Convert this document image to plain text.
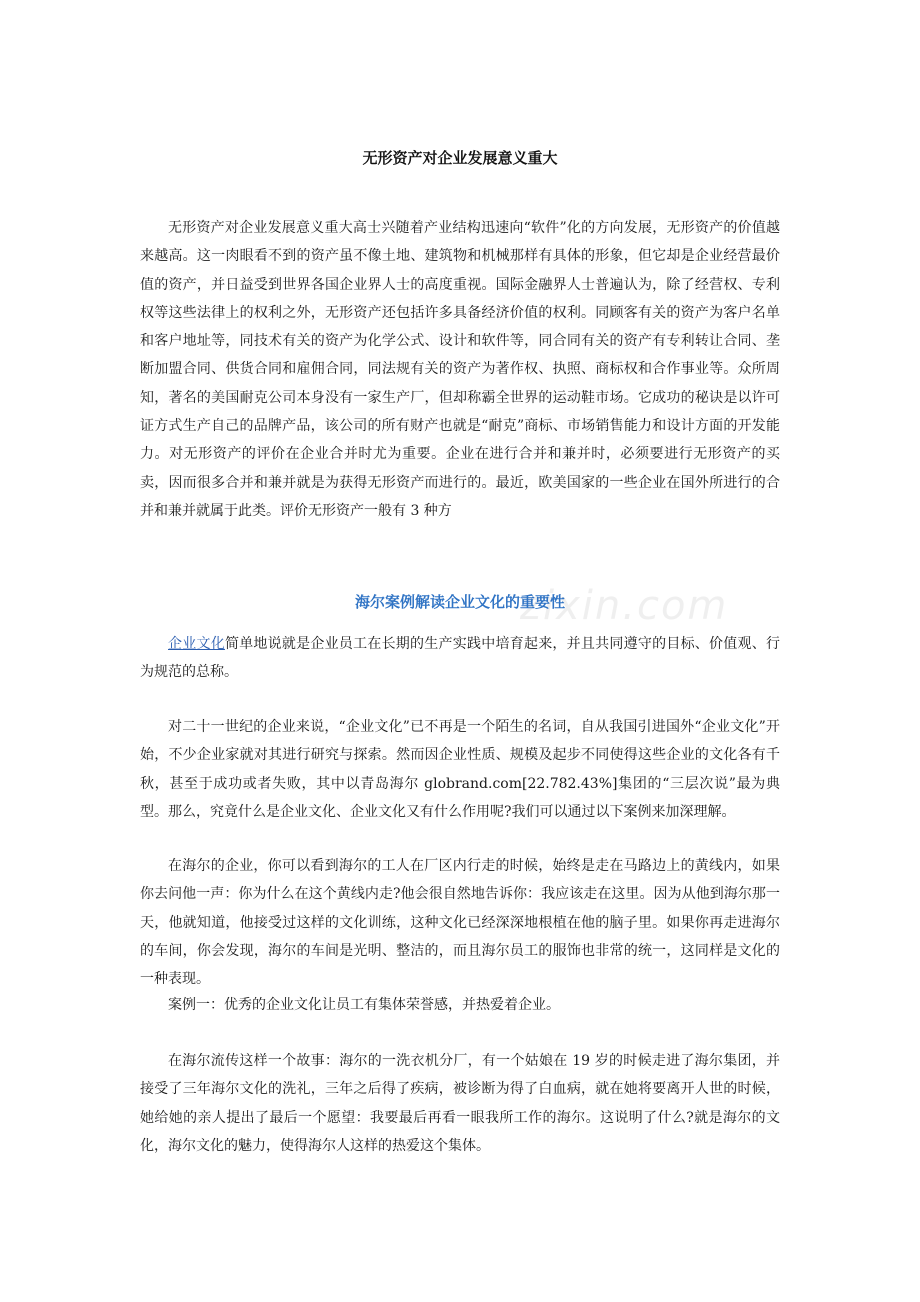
zixin.com
无形资产对企业发展意义重大

无形资产对企业发展意义重大高士兴随着产业结构迅速向“软件”化的方向发展，无形资产的价值越来越高。这一肉眼看不到的资产虽不像土地、建筑物和机械那样有具体的形象，但它却是企业经营最价值的资产，并日益受到世界各国企业界人士的高度重视。国际金融界人士普遍认为，除了经营权、专利权等这些法律上的权利之外，无形资产还包括许多具备经济价值的权利。同顾客有关的资产为客户名单和客户地址等，同技术有关的资产为化学公式、设计和软件等，同合同有关的资产有专利转让合同、垄断加盟合同、供货合同和雇佣合同，同法规有关的资产为著作权、执照、商标权和合作事业等。众所周知，著名的美国耐克公司本身没有一家生产厂，但却称霸全世界的运动鞋市场。它成功的秘诀是以许可证方式生产自己的品牌产品，该公司的所有财产也就是“耐克”商标、市场销售能力和设计方面的开发能力。对无形资产的评价在企业合并时尤为重要。企业在进行合并和兼并时，必须要进行无形资产的买卖，因而很多合并和兼并就是为获得无形资产而进行的。最近，欧美国家的一些企业在国外所进行的合并和兼并就属于此类。评价无形资产一般有 3 种方

海尔案例解读企业文化的重要性

企业文化简单地说就是企业员工在长期的生产实践中培育起来，并且共同遵守的目标、价值观、行为规范的总称。

对二十一世纪的企业来说，“企业文化”已不再是一个陌生的名词，自从我国引进国外“企业文化”开始，不少企业家就对其进行研究与探索。然而因企业性质、规模及起步不同使得这些企业的文化各有千秋，甚至于成功或者失败，其中以青岛海尔 globrand.com[22.782.43%]集团的“三层次说”最为典型。那么，究竟什么是企业文化、企业文化又有什么作用呢?我们可以通过以下案例来加深理解。

在海尔的企业，你可以看到海尔的工人在厂区内行走的时候，始终是走在马路边上的黄线内，如果你去问他一声：你为什么在这个黄线内走?他会很自然地告诉你：我应该走在这里。因为从他到海尔那一天，他就知道，他接受过这样的文化训练，这种文化已经深深地根植在他的脑子里。如果你再走进海尔的车间，你会发现，海尔的车间是光明、整洁的，而且海尔员工的服饰也非常的统一，这同样是文化的一种表现。

案例一：优秀的企业文化让员工有集体荣誉感，并热爱着企业。

在海尔流传这样一个故事：海尔的一洗衣机分厂，有一个姑娘在 19 岁的时候走进了海尔集团，并接受了三年海尔文化的洗礼，三年之后得了疾病，被诊断为得了白血病，就在她将要离开人世的时候，她给她的亲人提出了最后一个愿望：我要最后再看一眼我所工作的海尔。这说明了什么?就是海尔的文化，海尔文化的魅力，使得海尔人这样的热爱这个集体。
